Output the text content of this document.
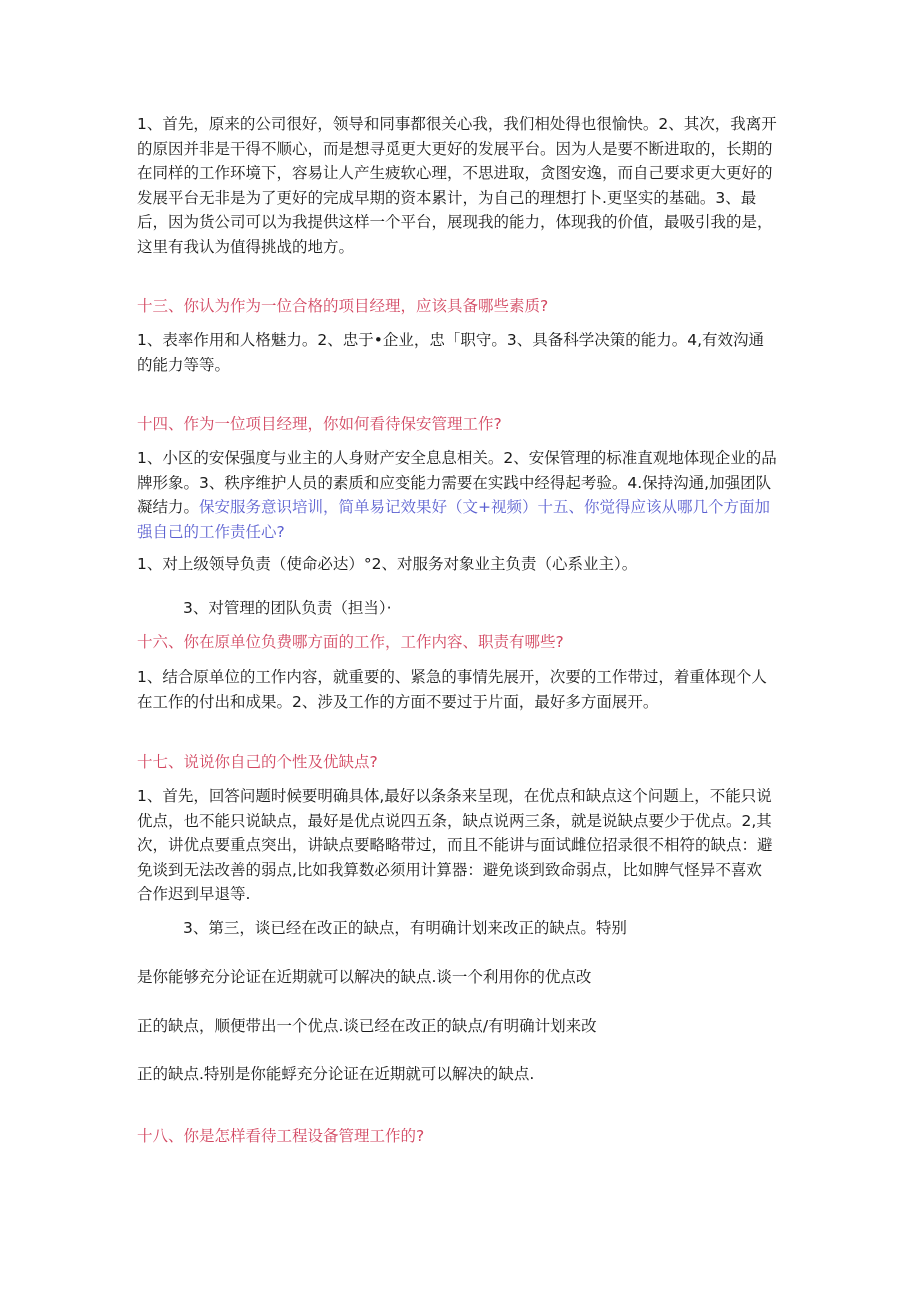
1、首先，原来的公司很好，领导和同事都很关心我，我们相处得也很愉快。2、其次，我离开的原因并非是干得不顺心，而是想寻觅更大更好的发展平台。因为人是要不断进取的，长期的在同样的工作环境下，容易让人产生疲软心理，不思进取，贪图安逸，而自己要求更大更好的发展平台无非是为了更好的完成早期的资本累计，为自己的理想打卜.更坚实的基础。3、最后，因为货公司可以为我提供这样一个平台，展现我的能力，体现我的价值，最吸引我的是，这里有我认为值得挑战的地方。

十三、你认为作为一位合格的项目经理，应该具备哪些素质?

1、表率作用和人格魅力。2、忠于•企业，忠「职守。3、具备科学决策的能力。4,有效沟通的能力等等。

十四、作为一位项目经理，你如何看待保安管理工作?

1、小区的安保强度与业主的人身财产安全息息相关。2、安保管理的标准直观地体现企业的品牌形象。3、秩序维护人员的素质和应变能力需要在实践中经得起考验。4.保持沟通,加强团队凝结力。保安服务意识培训，简单易记效果好（文+视频）十五、你觉得应该从哪几个方面加强自己的工作责任心?

1、对上级领导负责（使命必达）°2、对服务对象业主负责（心系业主）。

3、对管理的团队负责（担当）·

十六、你在原单位负费哪方面的工作，工作内容、职责有哪些?

1、结合原单位的工作内容，就重要的、紧急的事情先展开，次要的工作带过，着重体现个人在工作的付出和成果。2、涉及工作的方面不要过于片面，最好多方面展开。

十七、说说你自己的个性及优缺点?

1、首先，回答问题时候要明确具体,最好以条条来呈现，在优点和缺点这个问题上，不能只说优点，也不能只说缺点，最好是优点说四五条，缺点说两三条，就是说缺点要少于优点。2,其次，讲优点要重点突出，讲缺点要略略带过，而且不能讲与面试雌位招录很不相符的缺点：避免谈到无法改善的弱点,比如我算数必须用计算器：避免谈到致命弱点，比如脾气怪异不喜欢合作迟到早退等.

3、第三，谈已经在改正的缺点，有明确计划来改正的缺点。特别

是你能够充分论证在近期就可以解决的缺点.谈一个利用你的优点改

正的缺点，顺便带出一个优点.谈已经在改正的缺点/有明确计划来改

正的缺点.特别是你能蜉充分论证在近期就可以解决的缺点.

十八、你是怎样看待工程设备管理工作的?
